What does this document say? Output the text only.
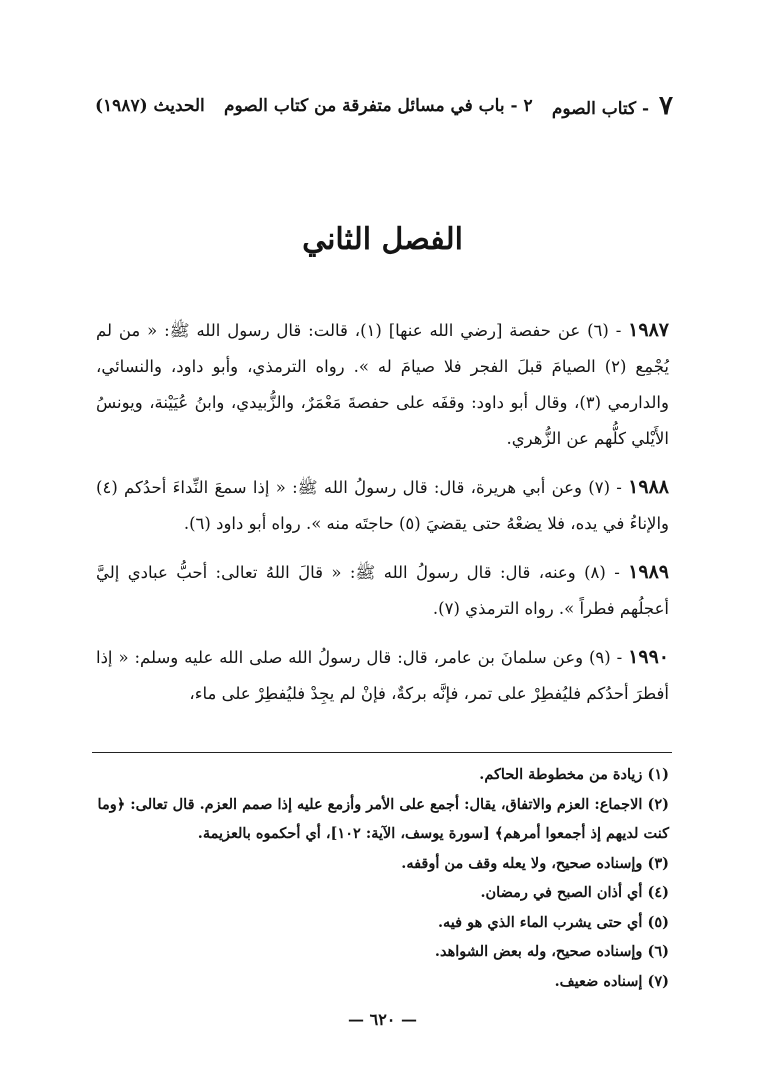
٧ - كتاب الصوم
٢ - باب في مسائل متفرقة من كتاب الصوم
الحديث (١٩٨٧)
الفصل الثاني

١٩٨٧ - (٦) عن حفصة [رضي الله عنها] (١)، قالت: قال رسول الله ﷺ: « من لم يُجْمِع (٢) الصيامَ قبلَ الفجر فلا صيامَ له ». رواه الترمذي، وأبو داود، والنسائي، والدارمي (٣)، وقال أبو داود: وقفَه على حفصةَ مَعْمَرٌ، والزُّبيدي، وابنُ عُيَيْنة، ويونسُ الأَيْلي كلُّهم عن الزُّهري.

١٩٨٨ - (٧) وعن أبي هريرة، قال: قال رسولُ الله ﷺ: « إذا سمعَ النِّداءَ أحدُكم (٤) والإناءُ في يده، فلا يضعْهُ حتى يقضيَ (٥) حاجتَه منه ». رواه أبو داود (٦).

١٩٨٩ - (٨) وعنه، قال: قال رسولُ الله ﷺ: « قالَ اللهُ تعالى: أحبُّ عبادي إليَّ أعجلُهم فطراً ». رواه الترمذي (٧).

١٩٩٠ - (٩) وعن سلمانَ بن عامر، قال: قال رسولُ الله صلى الله عليه وسلم: « إذا أفطرَ أحدُكم فليُفطِرْ على تمر، فإنَّه بركةٌ، فإنْ لم يجِدْ فليُفطِرْ على ماء،

(١) زيادة من مخطوطة الحاكم.

(٢) الاجماع: العزم والاتفاق، يقال: أجمع على الأمر وأزمع عليه إذا صمم العزم. قال تعالى: ﴿وما كنت لديهم إذ أجمعوا أمرهم﴾ [سورة يوسف، الآية: ١٠٢]، أي أحكموه بالعزيمة.

(٣) وإسناده صحيح، ولا يعله وقف من أوقفه.

(٤) أي أذان الصبح في رمضان.

(٥) أي حتى يشرب الماء الذي هو فيه.

(٦) وإسناده صحيح، وله بعض الشواهد.

(٧) إسناده ضعيف.

— ٦٢٠ —
